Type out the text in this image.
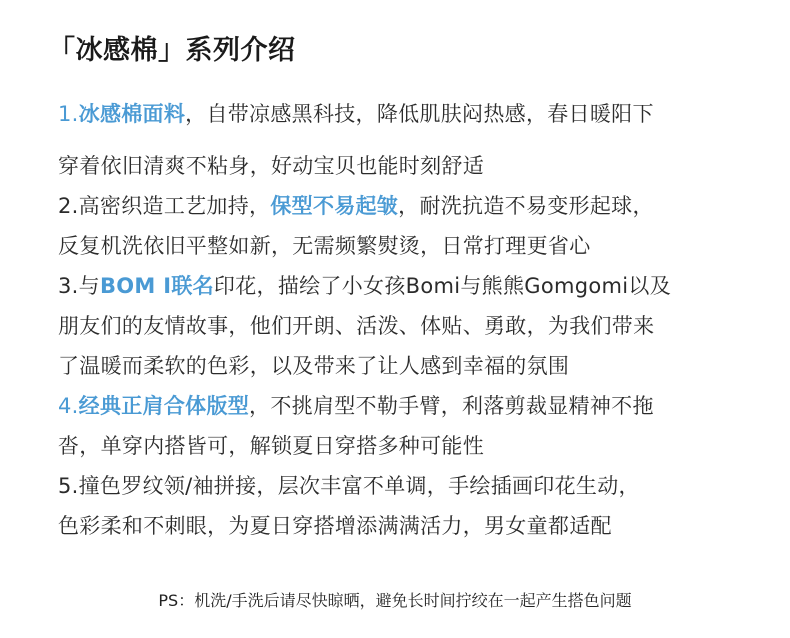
「冰感棉」系列介绍
1.冰感棉面料，自带凉感黑科技，降低肌肤闷热感，春日暖阳下
穿着依旧清爽不粘身，好动宝贝也能时刻舒适
2.高密织造工艺加持，保型不易起皱，耐洗抗造不易变形起球，
反复机洗依旧平整如新，无需频繁熨烫，日常打理更省心
3.与BOM I联名印花，描绘了小女孩Bomi与熊熊Gomgomi以及
朋友们的友情故事，他们开朗、活泼、体贴、勇敢，为我们带来
了温暖而柔软的色彩，以及带来了让人感到幸福的氛围
4.经典正肩合体版型，不挑肩型不勒手臂，利落剪裁显精神不拖
沓，单穿内搭皆可，解锁夏日穿搭多种可能性
5.撞色罗纹领/袖拼接，层次丰富不单调，手绘插画印花生动，
色彩柔和不刺眼，为夏日穿搭增添满满活力，男女童都适配
PS：机洗/手洗后请尽快晾晒，避免长时间拧绞在一起产生搭色问题
